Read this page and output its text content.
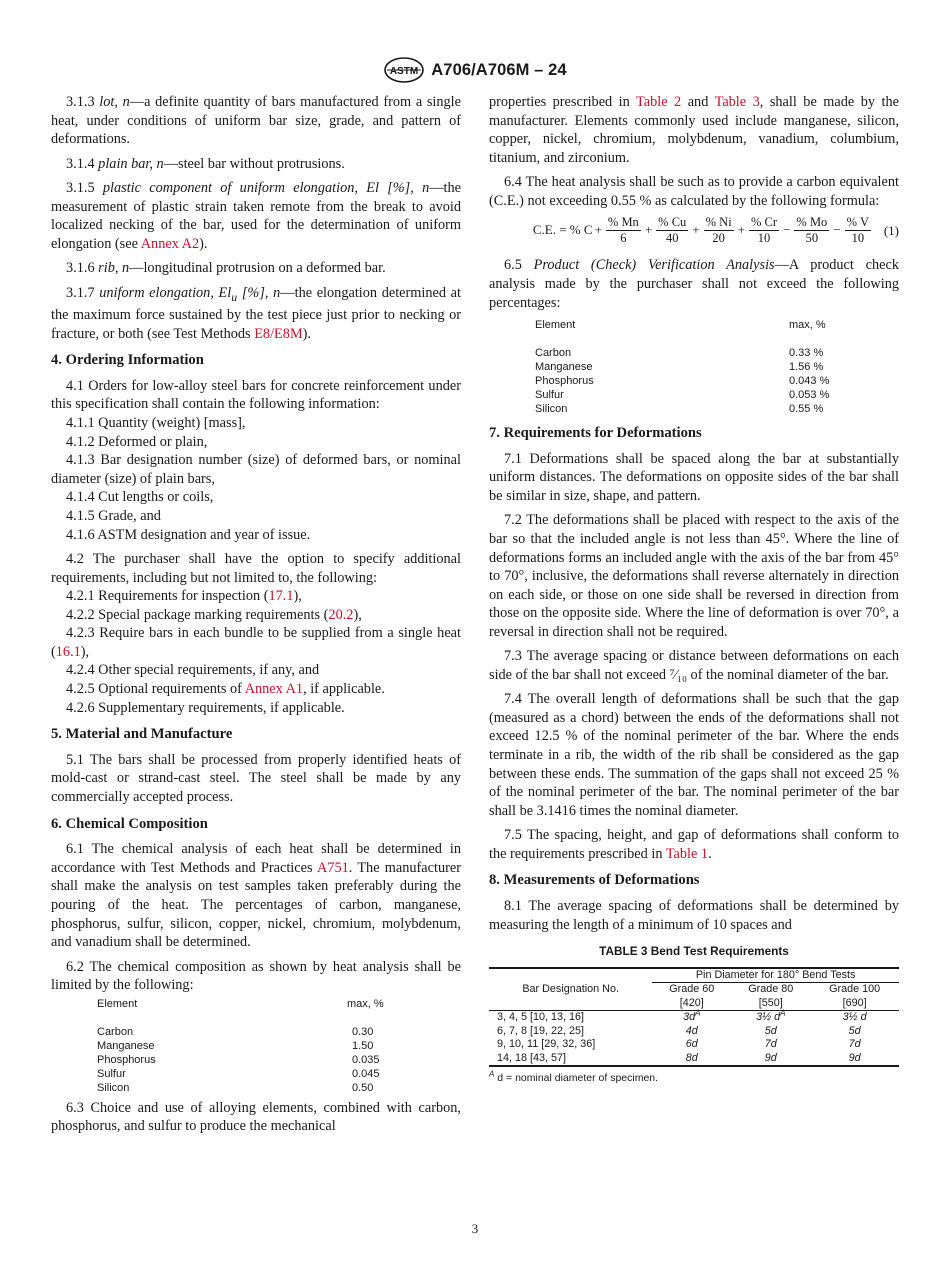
ASTM A706/A706M – 24

3.1.3 lot, n—a definite quantity of bars manufactured from a single heat, under conditions of uniform bar size, grade, and pattern of deformations.

3.1.4 plain bar, n—steel bar without protrusions.

3.1.5 plastic component of uniform elongation, El [%], n—the measurement of plastic strain taken remote from the break to avoid localized necking of the bar, used for the determination of uniform elongation (see Annex A2).

3.1.6 rib, n—longitudinal protrusion on a deformed bar.

3.1.7 uniform elongation, $El_u$ [%], n—the elongation determined at the maximum force sustained by the test piece just prior to necking or fracture, or both (see Test Methods E8/E8M).

4. Ordering Information

4.1 Orders for low-alloy steel bars for concrete reinforcement under this specification shall contain the following information:

4.1.1 Quantity (weight) [mass],
4.1.2 Deformed or plain,
4.1.3 Bar designation number (size) of deformed bars, or nominal diameter (size) of plain bars,
4.1.4 Cut lengths or coils,
4.1.5 Grade, and
4.1.6 ASTM designation and year of issue.

4.2 The purchaser shall have the option to specify additional requirements, including but not limited to, the following:

4.2.1 Requirements for inspection (17.1),
4.2.2 Special package marking requirements (20.2),
4.2.3 Require bars in each bundle to be supplied from a single heat (16.1),
4.2.4 Other special requirements, if any, and
4.2.5 Optional requirements of Annex A1, if applicable.
4.2.6 Supplementary requirements, if applicable.
5. Material and Manufacture

5.1 The bars shall be processed from properly identified heats of mold-cast or strand-cast steel. The steel shall be made by any commercially accepted process.

6. Chemical Composition

6.1 The chemical analysis of each heat shall be determined in accordance with Test Methods and Practices A751. The manufacturer shall make the analysis on test samples taken preferably during the pouring of the heat. The percentages of carbon, manganese, phosphorus, sulfur, silicon, copper, nickel, chromium, molybdenum, and vanadium shall be determined.

6.2 The chemical composition as shown by heat analysis shall be limited by the following:

Element	max, %
Carbon	0.30
Manganese	1.50
Phosphorus	0.035
Sulfur	0.045
Silicon	0.50

6.3 Choice and use of alloying elements, combined with carbon, phosphorus, and sulfur to produce the mechanical

properties prescribed in Table 2 and Table 3, shall be made by the manufacturer. Elements commonly used include manganese, silicon, copper, nickel, chromium, molybdenum, vanadium, columbium, titanium, and zirconium.

6.4 The heat analysis shall be such as to provide a carbon equivalent (C.E.) not exceeding 0.55 % as calculated by the following formula:

C.E. = % $C + \frac{\% Mn}{6} + \frac{\% Cu}{40} + \frac{\% Ni}{20} + \frac{\% Cr}{10} - \frac{\% Mo}{50} - \frac{\% V}{10} (1)$

6.5 Product (Check) Verification Analysis—A product check analysis made by the purchaser shall not exceed the following percentages:

Element	max, %
Carbon	0.33 %
Manganese	1.56 %
Phosphorus	0.043 %
Sulfur	0.053 %
Silicon	0.55 %
7. Requirements for Deformations

7.1 Deformations shall be spaced along the bar at substantially uniform distances. The deformations on opposite sides of the bar shall be similar in size, shape, and pattern.

7.2 The deformations shall be placed with respect to the axis of the bar so that the included angle is not less than 45°. Where the line of deformations forms an included angle with the axis of the bar from 45° to 70°, inclusive, the deformations shall reverse alternately in direction on each side, or those on one side shall be reversed in direction from those on the opposite side. Where the line of deformation is over 70°, a reversal in direction shall not be required.

7.3 The average spacing or distance between deformations on each side of the bar shall not exceed ⁷⁄₁₀ of the nominal diameter of the bar.

7.4 The overall length of deformations shall be such that the gap (measured as a chord) between the ends of the deformations shall not exceed 12.5 % of the nominal perimeter of the bar. Where the ends terminate in a rib, the width of the rib shall be considered as the gap between these ends. The summation of the gaps shall not exceed 25 % of the nominal perimeter of the bar. The nominal perimeter of the bar shall be 3.1416 times the nominal diameter.

7.5 The spacing, height, and gap of deformations shall conform to the requirements prescribed in Table 1.

8. Measurements of Deformations

8.1 The average spacing of deformations shall be determined by measuring the length of a minimum of 10 spaces and

TABLE 3 Bend Test Requirements
Bar Designation No.	Pin Diameter for 180° Bend Tests		
	Grade 60	Grade 80	Grade 100
	[420]	[550]	[690]
3, 4, 5 [10, 13, 16]	$3d^A$	3½ $d^A$	3½ d
6, 7, 8 [19, 22, 25]	4d	5d	5d
9, 10, 11 [29, 32, 36]	6d	7d	7d
14, 18 [43, 57]	8d	9d	9d
$^A$ d = nominal diameter of specimen.
3
